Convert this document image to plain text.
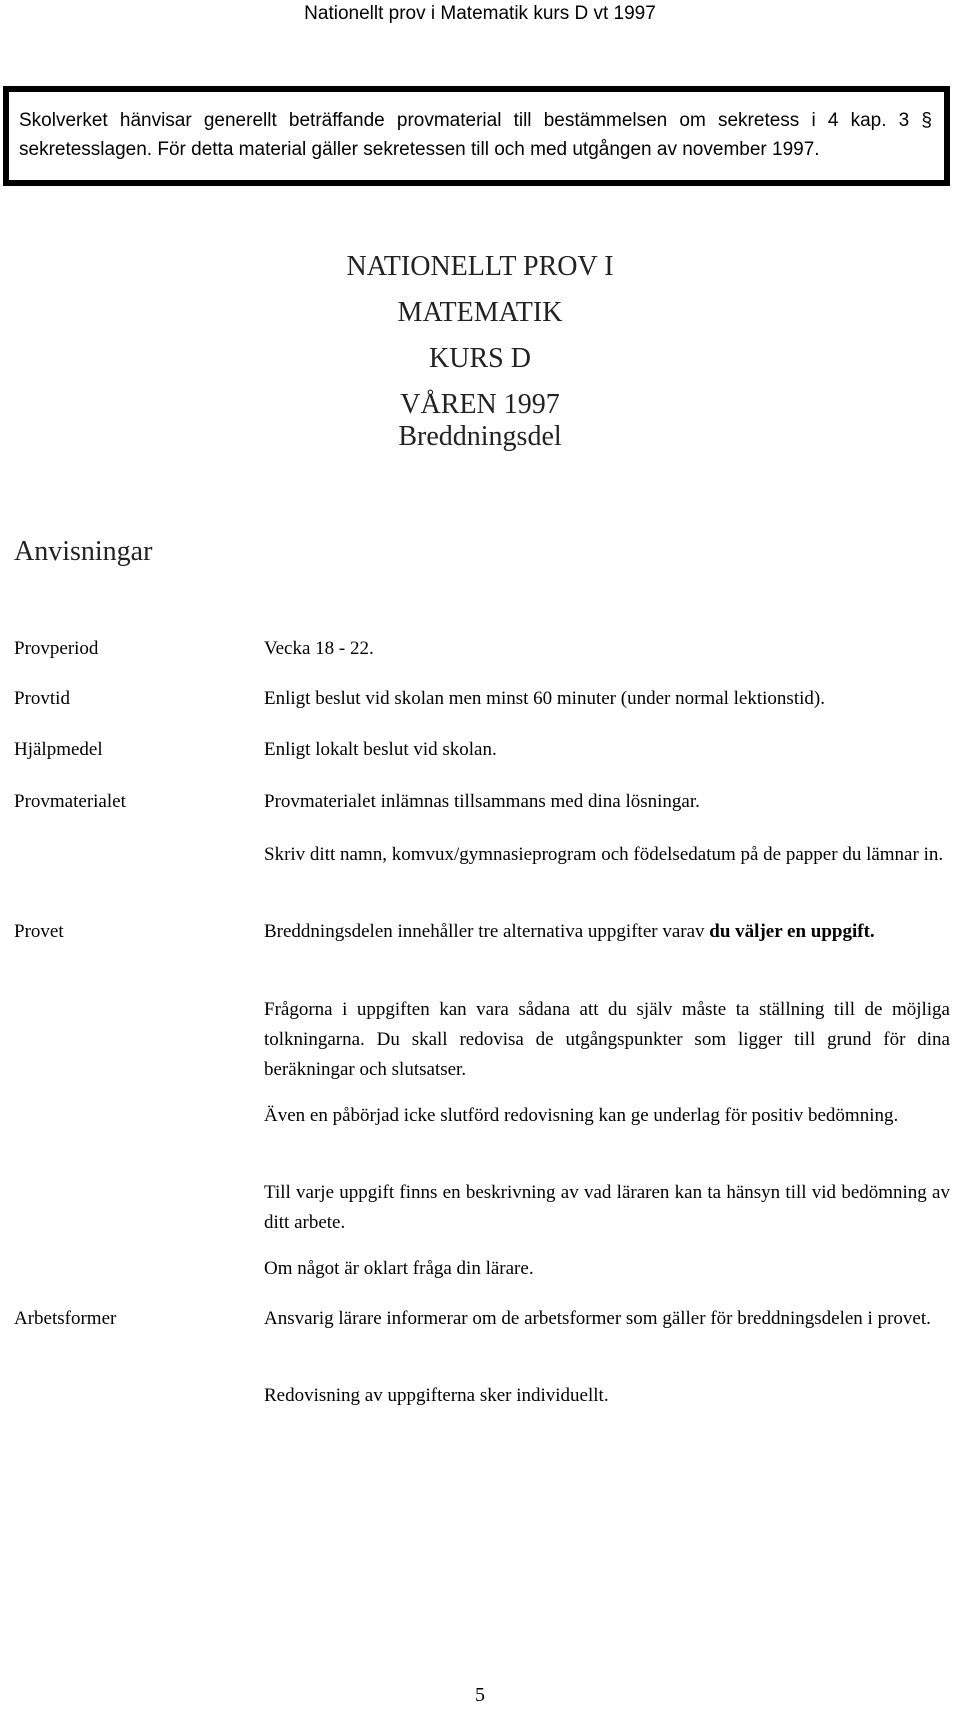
Nationellt prov i Matematik kurs D vt 1997
Skolverket hänvisar generellt beträffande provmaterial till bestämmelsen om sekretess i 4 kap. 3 § sekretesslagen. För detta material gäller sekretessen till och med utgången av november 1997.
NATIONELLT PROV I
MATEMATIK
KURS D
VÅREN 1997
Breddningsdel
Anvisningar
Provperiod	Vecka 18 - 22.
Provtid	Enligt beslut vid skolan men minst 60 minuter (under normal lektionstid).
Hjälpmedel	Enligt lokalt beslut vid skolan.
Provmaterialet	Provmaterialet inlämnas tillsammans med dina lösningar.
Skriv ditt namn, komvux/gymnasieprogram och födelsedatum på de papper du lämnar in.
Provet	Breddningsdelen innehåller tre alternativa uppgifter varav du väljer en uppgift.
Frågorna i uppgiften kan vara sådana att du själv måste ta ställning till de möjliga tolkningarna. Du skall redovisa de utgångspunkter som ligger till grund för dina beräkningar och slutsatser.
Även en påbörjad icke slutförd redovisning kan ge underlag för positiv bedömning.
Till varje uppgift finns en beskrivning av vad läraren kan ta hänsyn till vid bedömning av ditt arbete.
Om något är oklart fråga din lärare.
Arbetsformer	Ansvarig lärare informerar om de arbetsformer som gäller för breddningsdelen i provet.
Redovisning av uppgifterna sker individuellt.
5
